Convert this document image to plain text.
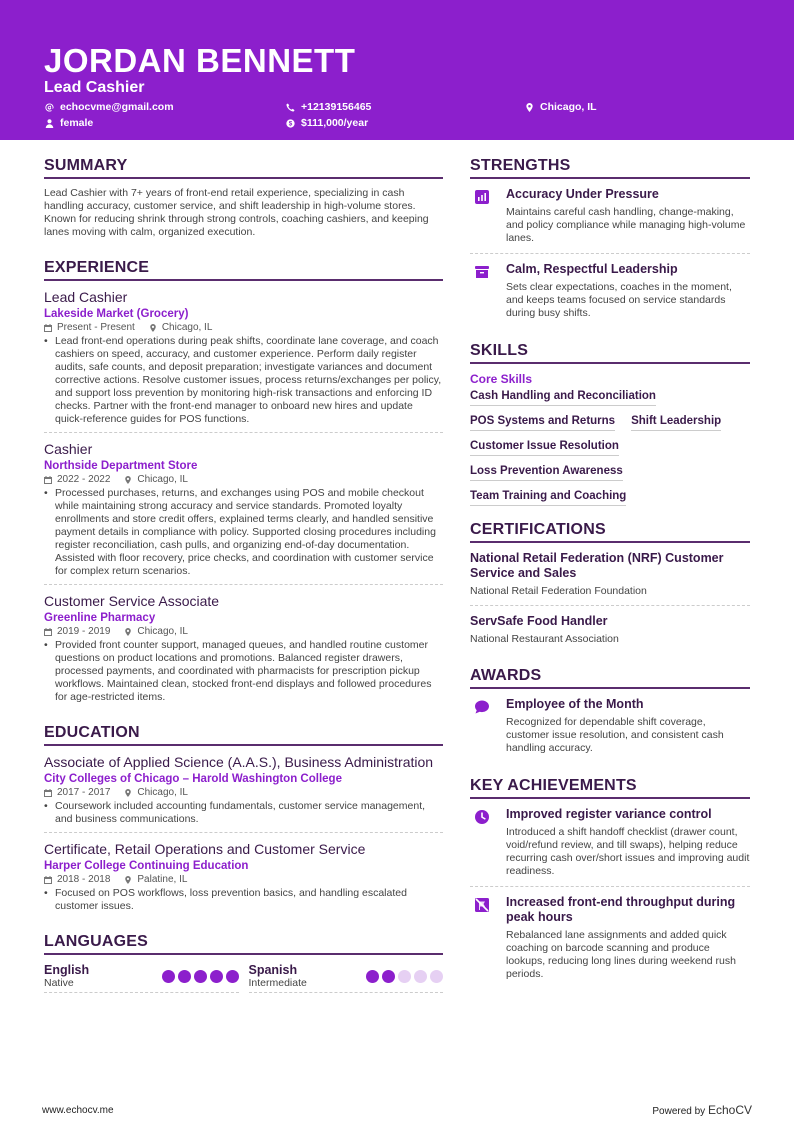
JORDAN BENNETT
Lead Cashier
echocvme@gmail.com	+12139156465	Chicago, IL
female	$ $111,000/year
SUMMARY

Lead Cashier with 7+ years of front-end retail experience, specializing in cash handling accuracy, customer service, and shift leadership in high-volume stores. Known for reducing shrink through strong controls, coaching cashiers, and keeping lanes moving with calm, organized execution.

EXPERIENCE
Lead Cashier
Lakeside Market (Grocery)
Present - Present	Chicago, IL
• Lead front-end operations during peak shifts, coordinate lane coverage, and coach cashiers on speed, accuracy, and customer experience. Perform daily register audits, safe counts, and deposit preparation; investigate variances and document corrective actions. Resolve customer issues, process returns/exchanges per policy, and support loss prevention by monitoring high-risk transactions and enforcing ID checks. Partner with the front-end manager to onboard new hires and update quick-reference guides for POS functions.
Cashier
Northside Department Store
2022 - 2022	Chicago, IL
• Processed purchases, returns, and exchanges using POS and mobile checkout while maintaining strong accuracy and service standards. Promoted loyalty enrollments and store credit offers, explained terms clearly, and handled sensitive payment details in compliance with policy. Supported closing procedures including register reconciliation, cash pulls, and organizing end-of-day documentation. Assisted with floor recovery, price checks, and coordination with customer service for complex return scenarios.
Customer Service Associate
Greenline Pharmacy
2019 - 2019	Chicago, IL
• Provided front counter support, managed queues, and handled routine customer questions on product locations and promotions. Balanced register drawers, processed payments, and coordinated with pharmacists for prescription pickup workflows. Maintained clean, stocked front-end displays and followed procedures for age-restricted items.
EDUCATION
Associate of Applied Science (A.A.S.), Business Administration
City Colleges of Chicago – Harold Washington College
2017 - 2017	Chicago, IL
• Coursework included accounting fundamentals, customer service management, and business communications.
Certificate, Retail Operations and Customer Service
Harper College Continuing Education
2018 - 2018	Palatine, IL
• Focused on POS workflows, loss prevention basics, and handling escalated customer issues.
LANGUAGES
English
Native
Spanish
Intermediate
STRENGTHS
Accuracy Under Pressure
Maintains careful cash handling, change-making, and policy compliance while managing high-volume lanes.
Calm, Respectful Leadership
Sets clear expectations, coaches in the moment, and keeps teams focused on service standards during busy shifts.
SKILLS
Core Skills
Cash Handling and Reconciliation
POS Systems and Returns Shift Leadership
Customer Issue Resolution
Loss Prevention Awareness
Team Training and Coaching
CERTIFICATIONS
National Retail Federation (NRF) Customer Service and Sales
National Retail Federation Foundation
ServSafe Food Handler
National Restaurant Association
AWARDS
Employee of the Month
Recognized for dependable shift coverage, customer issue resolution, and consistent cash handling accuracy.
KEY ACHIEVEMENTS
Improved register variance control
Introduced a shift handoff checklist (drawer count, void/refund review, and till swaps), helping reduce recurring cash over/short issues and improving audit readiness.
Increased front-end throughput during peak hours
Rebalanced lane assignments and added quick coaching on barcode scanning and produce lookups, reducing long lines during weekend rush periods.
www.echocv.me	Powered by EchoCV
